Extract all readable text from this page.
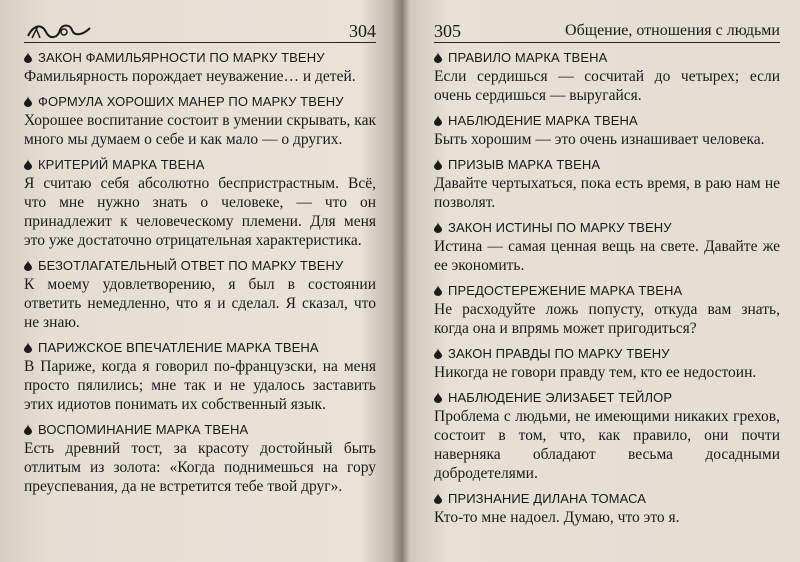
304
ЗАКОН ФАМИЛЬЯРНОСТИ ПО МАРКУ ТВЕНУ
Фамильярность порождает неуважение… и детей.
ФОРМУЛА ХОРОШИХ МАНЕР ПО МАРКУ ТВЕНУ
Хорошее воспитание состоит в умении скрывать, как много мы думаем о себе и как мало — о других.
КРИТЕРИЙ МАРКА ТВЕНА
Я считаю себя абсолютно беспристрастным. Всё, что мне нужно знать о человеке, — что он принадлежит к человеческому племени. Для меня это уже достаточно отрицательная характеристика.
БЕЗОТЛАГАТЕЛЬНЫЙ ОТВЕТ ПО МАРКУ ТВЕНУ
К моему удовлетворению, я был в состоянии ответить немедленно, что я и сделал. Я сказал, что не знаю.
ПАРИЖСКОЕ ВПЕЧАТЛЕНИЕ МАРКА ТВЕНА
В Париже, когда я говорил по-французски, на меня просто пялились; мне так и не удалось заставить этих идиотов понимать их собственный язык.
ВОСПОМИНАНИЕ МАРКА ТВЕНА
Есть древний тост, за красоту достойный быть отлитым из золота: «Когда поднимешься на гору преуспевания, да не встретится тебе твой друг».
305	Общение, отношения с людьми
ПРАВИЛО МАРКА ТВЕНА
Если сердишься — сосчитай до четырех; если очень сердишься — выругайся.
НАБЛЮДЕНИЕ МАРКА ТВЕНА
Быть хорошим — это очень изнашивает человека.
ПРИЗЫВ МАРКА ТВЕНА
Давайте чертыхаться, пока есть время, в раю нам не позволят.
ЗАКОН ИСТИНЫ ПО МАРКУ ТВЕНУ
Истина — самая ценная вещь на свете. Давайте же ее экономить.
ПРЕДОСТЕРЕЖЕНИЕ МАРКА ТВЕНА
Не расходуйте ложь попусту, откуда вам знать, когда она и впрямь может пригодиться?
ЗАКОН ПРАВДЫ ПО МАРКУ ТВЕНУ
Никогда не говори правду тем, кто ее недостоин.
НАБЛЮДЕНИЕ ЭЛИЗАБЕТ ТЕЙЛОР
Проблема с людьми, не имеющими никаких грехов, состоит в том, что, как правило, они почти наверняка обладают весьма досадными добродетелями.
ПРИЗНАНИЕ ДИЛАНА ТОМАСА
Кто-то мне надоел. Думаю, что это я.
